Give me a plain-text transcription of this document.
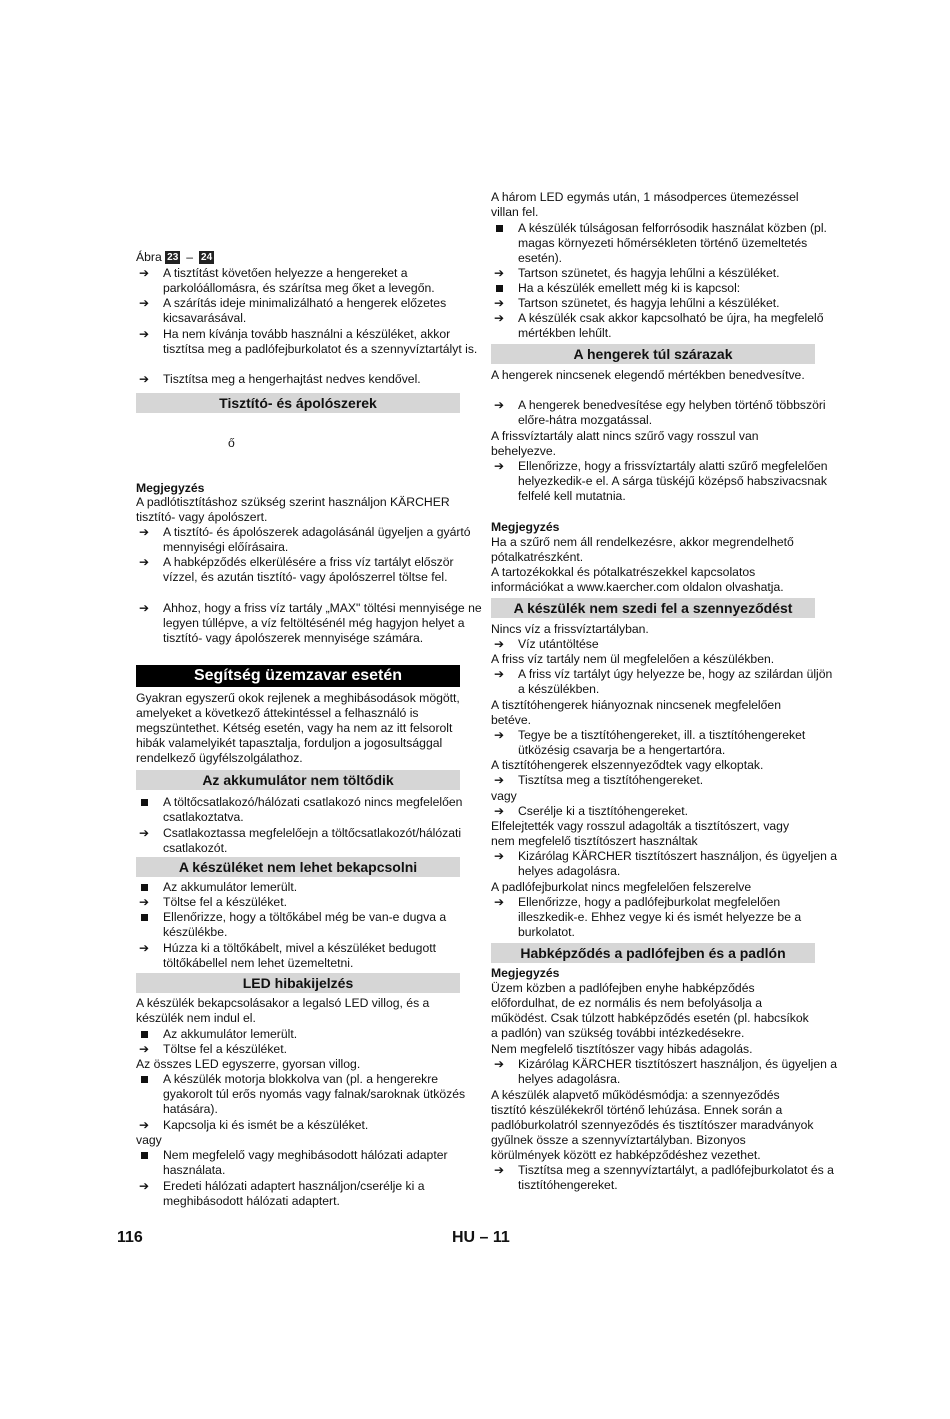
Ábra 23 – 24
➔
A tisztítást követően helyezze a hengereket a parkolóállomásra, és szárítsa meg őket a levegőn.
➔
A szárítás ideje minimalizálható a hengerek előzetes kicsavarásával.
➔
Ha nem kívánja tovább használni a készüléket, akkor tisztítsa meg a padlófejburkolatot és a szennyvíztartályt is.
➔
Tisztítsa meg a hengerhajtást nedves kendővel.
Tisztító- és ápolószerek
ő
Megjegyzés
A padlótisztításhoz szükség szerint használjon KÄRCHER tisztító- vagy ápolószert.
➔
A tisztító- és ápolószerek adagolásánál ügyeljen a gyártó mennyiségi előírásaira.
➔
A habképződés elkerülésére a friss víz tartályt először vízzel, és azután tisztító- vagy ápolószerrel töltse fel.
➔
Ahhoz, hogy a friss víz tartály „MAX" töltési mennyisége ne legyen túllépve, a víz feltöltésénél még hagyjon helyet a tisztító- vagy ápolószerek mennyisége számára.
Segítség üzemzavar esetén
Gyakran egyszerű okok rejlenek a meghibásodások mögött, amelyeket a következő áttekintéssel a felhasználó is megszüntethet. Kétség esetén, vagy ha nem az itt felsorolt hibák valamelyikét tapasztalja, forduljon a jogosultsággal rendelkező ügyfélszolgálathoz.
Az akkumulátor nem töltődik
A töltőcsatlakozó/hálózati csatlakozó nincs megfelelően csatlakoztatva.
➔
Csatlakoztassa megfelelőejn a töltőcsatlakozót/hálózati csatlakozót.
A készüléket nem lehet bekapcsolni
Az akkumulátor lemerült.
➔
Töltse fel a készüléket.
Ellenőrizze, hogy a töltőkábel még be van-e dugva a készülékbe.
➔
Húzza ki a töltőkábelt, mivel a készüléket bedugott töltőkábellel nem lehet üzemeltetni.
LED hibakijelzés
A készülék bekapcsolásakor a legalsó LED villog, és a készülék nem indul el.
Az akkumulátor lemerült.
➔
Töltse fel a készüléket.
Az összes LED egyszerre, gyorsan villog.
A készülék motorja blokkolva van (pl. a hengerekre gyakorolt túl erős nyomás vagy falnak/saroknak ütközés hatására).
➔
Kapcsolja ki és ismét be a készüléket.
vagy
Nem megfelelő vagy meghibásodott hálózati adapter használata.
➔
Eredeti hálózati adaptert használjon/cserélje ki a meghibásodott hálózati adaptert.
A három LED egymás után, 1 másodperces ütemezéssel villan fel.
A készülék túlságosan felforrósodik használat közben (pl. magas környezeti hőmérsékleten történő üzemeltetés esetén).
➔
Tartson szünetet, és hagyja lehűlni a készüléket.
Ha a készülék emellett még ki is kapcsol:
➔
Tartson szünetet, és hagyja lehűlni a készüléket.
➔
A készülék csak akkor kapcsolható be újra, ha megfelelő mértékben lehűlt.
A hengerek túl szárazak
A hengerek nincsenek elegendő mértékben benedvesítve.
➔
A hengerek benedvesítése egy helyben történő többszöri előre-hátra mozgatással.
A frissvíztartály alatt nincs szűrő vagy rosszul van behelyezve.
➔
Ellenőrizze, hogy a frissvíztartály alatti szűrő megfelelően helyezkedik-e el. A sárga tüskéjű középső habszivacsnak felfelé kell mutatnia.
Megjegyzés
Ha a szűrő nem áll rendelkezésre, akkor megrendelhető pótalkatrészként.
A tartozékokkal és pótalkatrészekkel kapcsolatos információkat a www.kaercher.com oldalon olvashatja.
A készülék nem szedi fel a szennyeződést
Nincs víz a frissvíztartályban.
➔
Víz utántöltése
A friss víz tartály nem ül megfelelően a készülékben.
➔
A friss víz tartályt úgy helyezze be, hogy az szilárdan üljön a készülékben.
A tisztítóhengerek hiányoznak nincsenek megfelelően betéve.
➔
Tegye be a tisztítóhengereket, ill. a tisztítóhengereket ütközésig csavarja be a hengertartóra.
A tisztítóhengerek elszennyeződtek vagy elkoptak.
➔
Tisztítsa meg a tisztítóhengereket.
vagy
➔
Cserélje ki a tisztítóhengereket.
Elfelejtették vagy rosszul adagolták a tisztítószert, vagy nem megfelelő tisztítószert használtak
➔
Kizárólag KÄRCHER tisztítószert használjon, és ügyeljen a helyes adagolásra.
A padlófejburkolat nincs megfelelően felszerelve
➔
Ellenőrizze, hogy a padlófejburkolat megfelelően illeszkedik-e. Ehhez vegye ki és ismét helyezze be a burkolatot.
Habképződés a padlófejben és a padlón
Megjegyzés
Üzem közben a padlófejben enyhe habképződés előfordulhat, de ez normális és nem befolyásolja a működést. Csak túlzott habképződés esetén (pl. habcsíkok a padlón) van szükség további intézkedésekre.
Nem megfelelő tisztítószer vagy hibás adagolás.
➔
Kizárólag KÄRCHER tisztítószert használjon, és ügyeljen a helyes adagolásra.
A készülék alapvető működésmódja: a szennyeződés tisztító készülékekről történő lehúzása. Ennek során a padlóburkolatról szennyeződés és tisztítószer maradványok gyűlnek össze a szennyvíztartályban. Bizonyos körülmények között ez habképződéshez vezethet.
➔
Tisztítsa meg a szennyvíztartályt, a padlófejburkolatot és a tisztítóhengereket.
116	HU – 11
